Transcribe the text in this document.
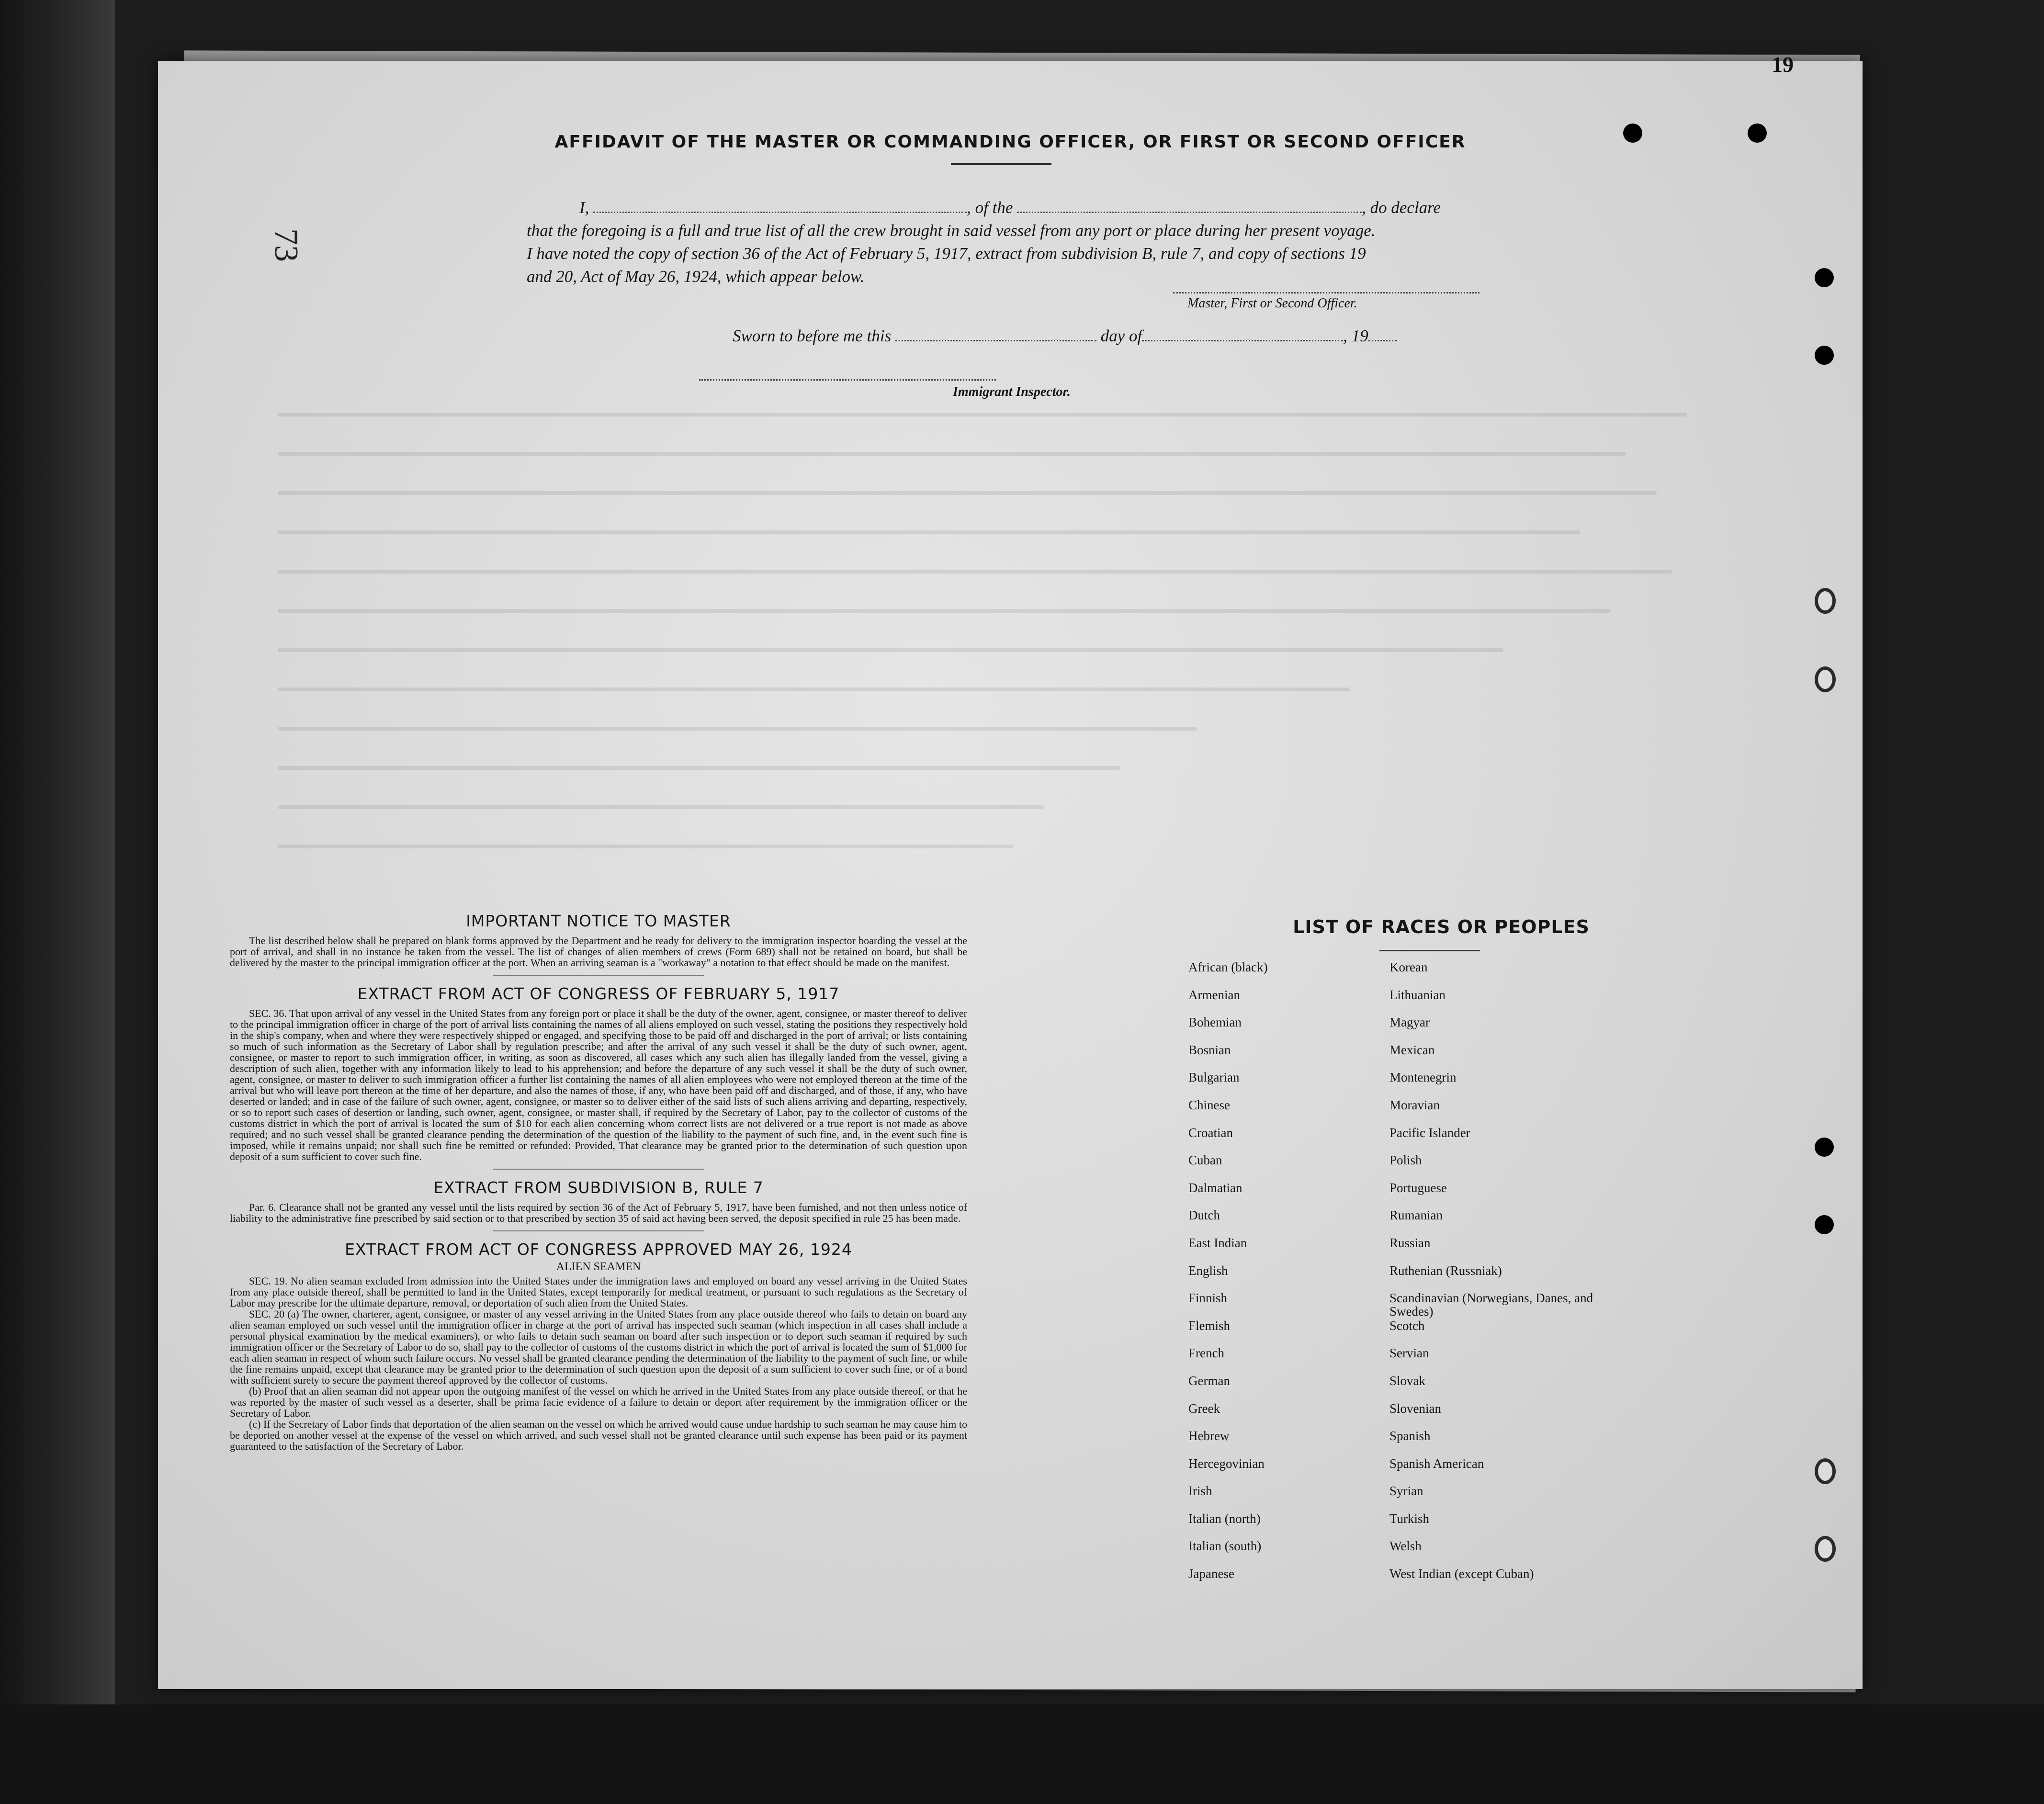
19
73
AFFIDAVIT OF THE MASTER OR COMMANDING OFFICER, OR FIRST OR SECOND OFFICER
I,	, of the	, do declare
that the foregoing is a full and true list of all the crew brought in said vessel from any port or place during her present voyage.
I have noted the copy of section 36 of the Act of February 5, 1917, extract from subdivision B, rule 7, and copy of sections 19
and 20, Act of May 26, 1924, which appear below.
Master, First or Second Officer.
Sworn to before me this	day of	, 19
Immigrant Inspector.
IMPORTANT NOTICE TO MASTER

The list described below shall be prepared on blank forms approved by the Department and be ready for delivery to the immigration inspector boarding the vessel at the port of arrival, and shall in no instance be taken from the vessel. The list of changes of alien members of crews (Form 689) shall not be retained on board, but shall be delivered by the master to the principal immigration officer at the port. When an arriving seaman is a "workaway" a notation to that effect should be made on the manifest.

EXTRACT FROM ACT OF CONGRESS OF FEBRUARY 5, 1917

SEC. 36. That upon arrival of any vessel in the United States from any foreign port or place it shall be the duty of the owner, agent, consignee, or master thereof to deliver to the principal immigration officer in charge of the port of arrival lists containing the names of all aliens employed on such vessel, stating the positions they respectively hold in the ship's company, when and where they were respectively shipped or engaged, and specifying those to be paid off and discharged in the port of arrival; or lists containing so much of such information as the Secretary of Labor shall by regulation prescribe; and after the arrival of any such vessel it shall be the duty of such owner, agent, consignee, or master to report to such immigration officer, in writing, as soon as discovered, all cases which any such alien has illegally landed from the vessel, giving a description of such alien, together with any information likely to lead to his apprehension; and before the departure of any such vessel it shall be the duty of such owner, agent, consignee, or master to deliver to such immigration officer a further list containing the names of all alien employees who were not employed thereon at the time of the arrival but who will leave port thereon at the time of her departure, and also the names of those, if any, who have been paid off and discharged, and of those, if any, who have deserted or landed; and in case of the failure of such owner, agent, consignee, or master so to deliver either of the said lists of such aliens arriving and departing, respectively, or so to report such cases of desertion or landing, such owner, agent, consignee, or master shall, if required by the Secretary of Labor, pay to the collector of customs of the customs district in which the port of arrival is located the sum of $10 for each alien concerning whom correct lists are not delivered or a true report is not made as above required; and no such vessel shall be granted clearance pending the determination of the question of the liability to the payment of such fine, and, in the event such fine is imposed, while it remains unpaid; nor shall such fine be remitted or refunded: Provided, That clearance may be granted prior to the determination of such question upon deposit of a sum sufficient to cover such fine.

EXTRACT FROM SUBDIVISION B, RULE 7

Par. 6. Clearance shall not be granted any vessel until the lists required by section 36 of the Act of February 5, 1917, have been furnished, and not then unless notice of liability to the administrative fine prescribed by said section or to that prescribed by section 35 of said act having been served, the deposit specified in rule 25 has been made.

EXTRACT FROM ACT OF CONGRESS APPROVED MAY 26, 1924
ALIEN SEAMEN

SEC. 19. No alien seaman excluded from admission into the United States under the immigration laws and employed on board any vessel arriving in the United States from any place outside thereof, shall be permitted to land in the United States, except temporarily for medical treatment, or pursuant to such regulations as the Secretary of Labor may prescribe for the ultimate departure, removal, or deportation of such alien from the United States.

SEC. 20 (a) The owner, charterer, agent, consignee, or master of any vessel arriving in the United States from any place outside thereof who fails to detain on board any alien seaman employed on such vessel until the immigration officer in charge at the port of arrival has inspected such seaman (which inspection in all cases shall include a personal physical examination by the medical examiners), or who fails to detain such seaman on board after such inspection or to deport such seaman if required by such immigration officer or the Secretary of Labor to do so, shall pay to the collector of customs of the customs district in which the port of arrival is located the sum of $1,000 for each alien seaman in respect of whom such failure occurs. No vessel shall be granted clearance pending the determination of the liability to the payment of such fine, or while the fine remains unpaid, except that clearance may be granted prior to the determination of such question upon the deposit of a sum sufficient to cover such fine, or of a bond with sufficient surety to secure the payment thereof approved by the collector of customs.

(b) Proof that an alien seaman did not appear upon the outgoing manifest of the vessel on which he arrived in the United States from any place outside thereof, or that he was reported by the master of such vessel as a deserter, shall be prima facie evidence of a failure to detain or deport after requirement by the immigration officer or the Secretary of Labor.

(c) If the Secretary of Labor finds that deportation of the alien seaman on the vessel on which he arrived would cause undue hardship to such seaman he may cause him to be deported on another vessel at the expense of the vessel on which arrived, and such vessel shall not be granted clearance until such expense has been paid or its payment guaranteed to the satisfaction of the Secretary of Labor.

LIST OF RACES OR PEOPLES
African (black)	Korean
Armenian	Lithuanian
Bohemian	Magyar
Bosnian	Mexican
Bulgarian	Montenegrin
Chinese	Moravian
Croatian	Pacific Islander
Cuban	Polish
Dalmatian	Portuguese
Dutch	Rumanian
East Indian	Russian
English	Ruthenian (Russniak)
Finnish	Scandinavian (Norwegians, Danes, and Swedes)
Flemish	Scotch
French	Servian
German	Slovak
Greek	Slovenian
Hebrew	Spanish
Hercegovinian	Spanish American
Irish	Syrian
Italian (north)	Turkish
Italian (south)	Welsh
Japanese	West Indian (except Cuban)
